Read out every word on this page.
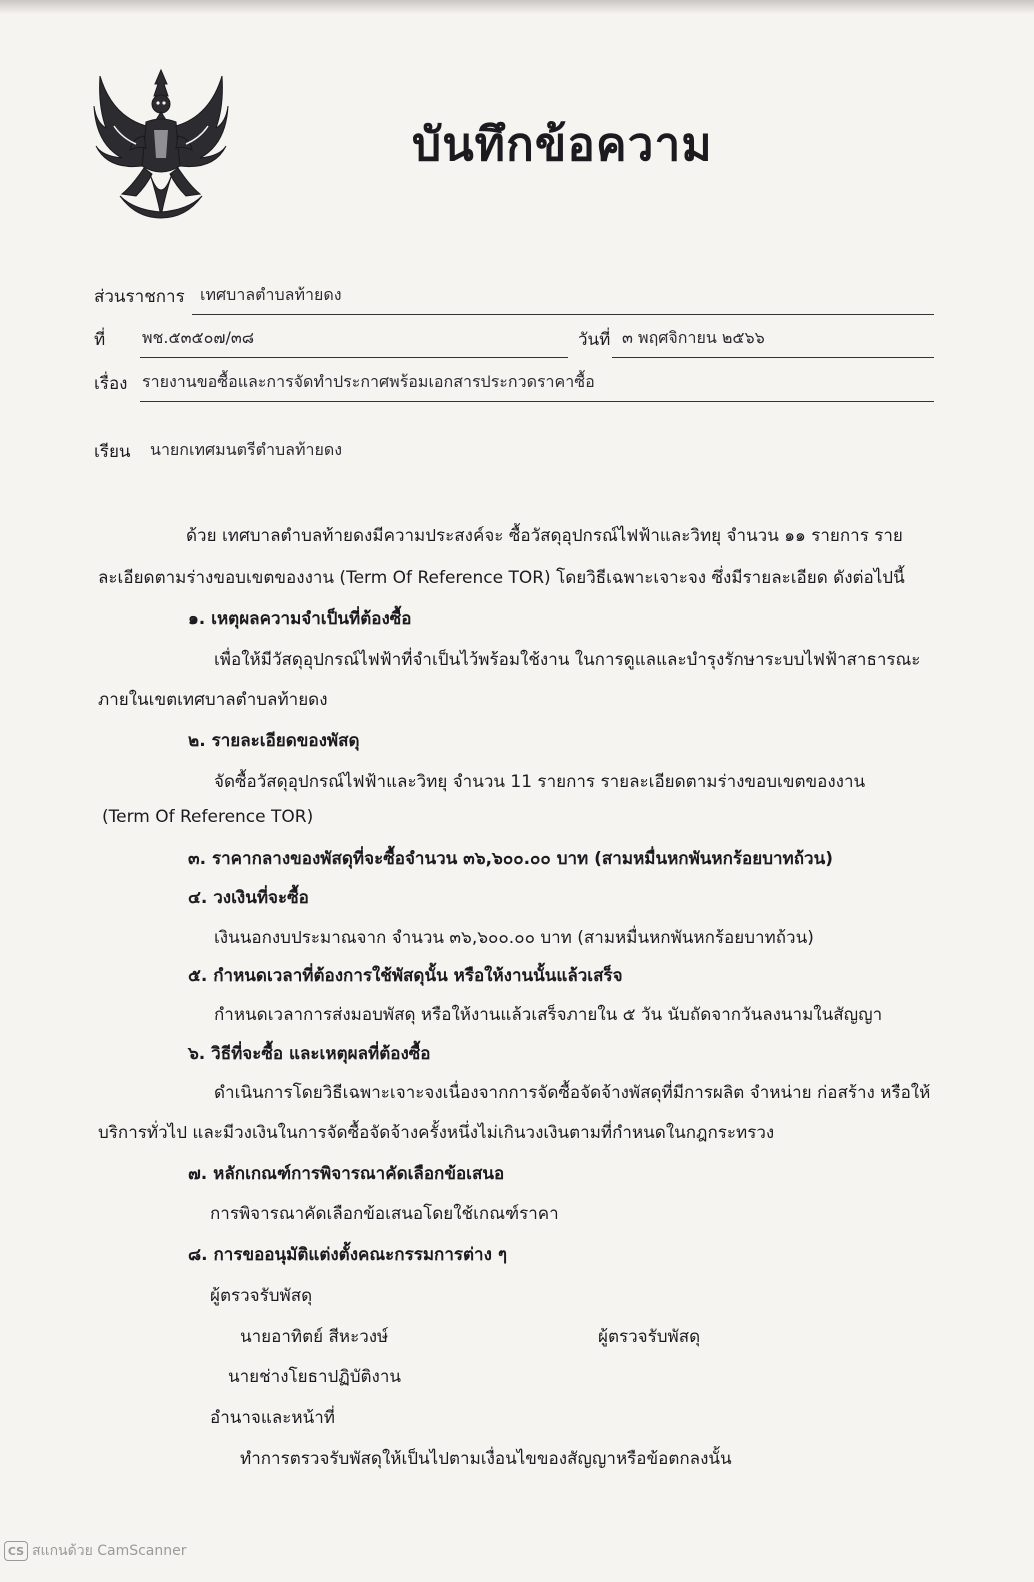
บันทึกข้อความ
ส่วนราชการ เทศบาลตำบลท้ายดง
ที่ พช.๕๓๕๐๗/๓๘	วันที่ ๓ พฤศจิกายน ๒๕๖๖
เรื่อง รายงานขอซื้อและการจัดทำประกาศพร้อมเอกสารประกวดราคาซื้อ
เรียน นายกเทศมนตรีตำบลท้ายดง
ด้วย เทศบาลตำบลท้ายดงมีความประสงค์จะ ซื้อวัสดุอุปกรณ์ไฟฟ้าและวิทยุ จำนวน ๑๑ รายการ ราย
ละเอียดตามร่างขอบเขตของงาน (Term Of Reference TOR) โดยวิธีเฉพาะเจาะจง ซึ่งมีรายละเอียด ดังต่อไปนี้
๑. เหตุผลความจำเป็นที่ต้องซื้อ
เพื่อให้มีวัสดุอุปกรณ์ไฟฟ้าที่จำเป็นไว้พร้อมใช้งาน ในการดูแลและบำรุงรักษาระบบไฟฟ้าสาธารณะ
ภายในเขตเทศบาลตำบลท้ายดง
๒. รายละเอียดของพัสดุ
จัดซื้อวัสดุอุปกรณ์ไฟฟ้าและวิทยุ จำนวน 11 รายการ รายละเอียดตามร่างขอบเขตของงาน
(Term Of Reference TOR)
๓. ราคากลางของพัสดุที่จะซื้อจำนวน ๓๖,๖๐๐.๐๐ บาท (สามหมื่นหกพันหกร้อยบาทถ้วน)
๔. วงเงินที่จะซื้อ
เงินนอกงบประมาณจาก จำนวน ๓๖,๖๐๐.๐๐ บาท (สามหมื่นหกพันหกร้อยบาทถ้วน)
๕. กำหนดเวลาที่ต้องการใช้พัสดุนั้น หรือให้งานนั้นแล้วเสร็จ
กำหนดเวลาการส่งมอบพัสดุ หรือให้งานแล้วเสร็จภายใน ๕ วัน นับถัดจากวันลงนามในสัญญา
๖. วิธีที่จะซื้อ และเหตุผลที่ต้องซื้อ
ดำเนินการโดยวิธีเฉพาะเจาะจงเนื่องจากการจัดซื้อจัดจ้างพัสดุที่มีการผลิต จำหน่าย ก่อสร้าง หรือให้
บริการทั่วไป และมีวงเงินในการจัดซื้อจัดจ้างครั้งหนึ่งไม่เกินวงเงินตามที่กำหนดในกฎกระทรวง
๗. หลักเกณฑ์การพิจารณาคัดเลือกข้อเสนอ
การพิจารณาคัดเลือกข้อเสนอโดยใช้เกณฑ์ราคา
๘. การขออนุมัติแต่งตั้งคณะกรรมการต่าง ๆ
ผู้ตรวจรับพัสดุ
นายอาทิตย์ สีหะวงษ์	ผู้ตรวจรับพัสดุ
นายช่างโยธาปฏิบัติงาน
อำนาจและหน้าที่
ทำการตรวจรับพัสดุให้เป็นไปตามเงื่อนไขของสัญญาหรือข้อตกลงนั้น
CS สแกนด้วย CamScanner
